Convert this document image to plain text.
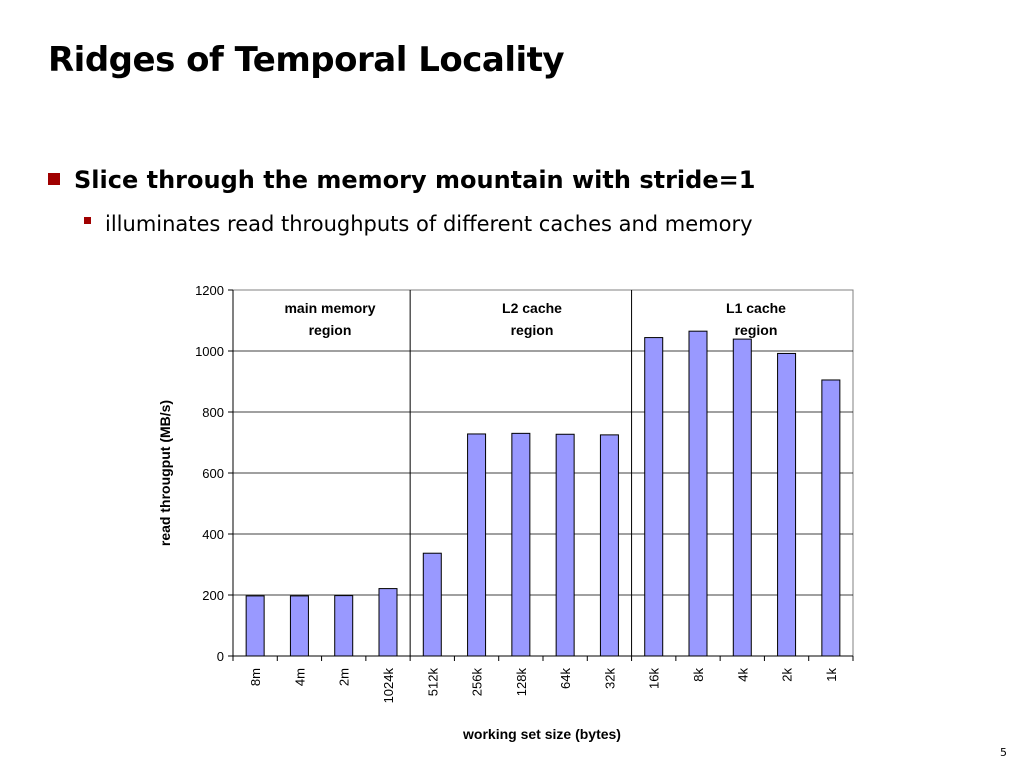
Ridges of Temporal Locality
Slice through the memory mountain with stride=1
illuminates read throughputs of different caches and memory
0
200
400
600
800
1000
1200
8m 4m 2m 1024k 512k 256k 128k 64k 32k 16k 8k 4k 2k 1k
main memory
region
L2 cache
region
L1 cache
region
working set size (bytes)
read througput (MB/s)
5
